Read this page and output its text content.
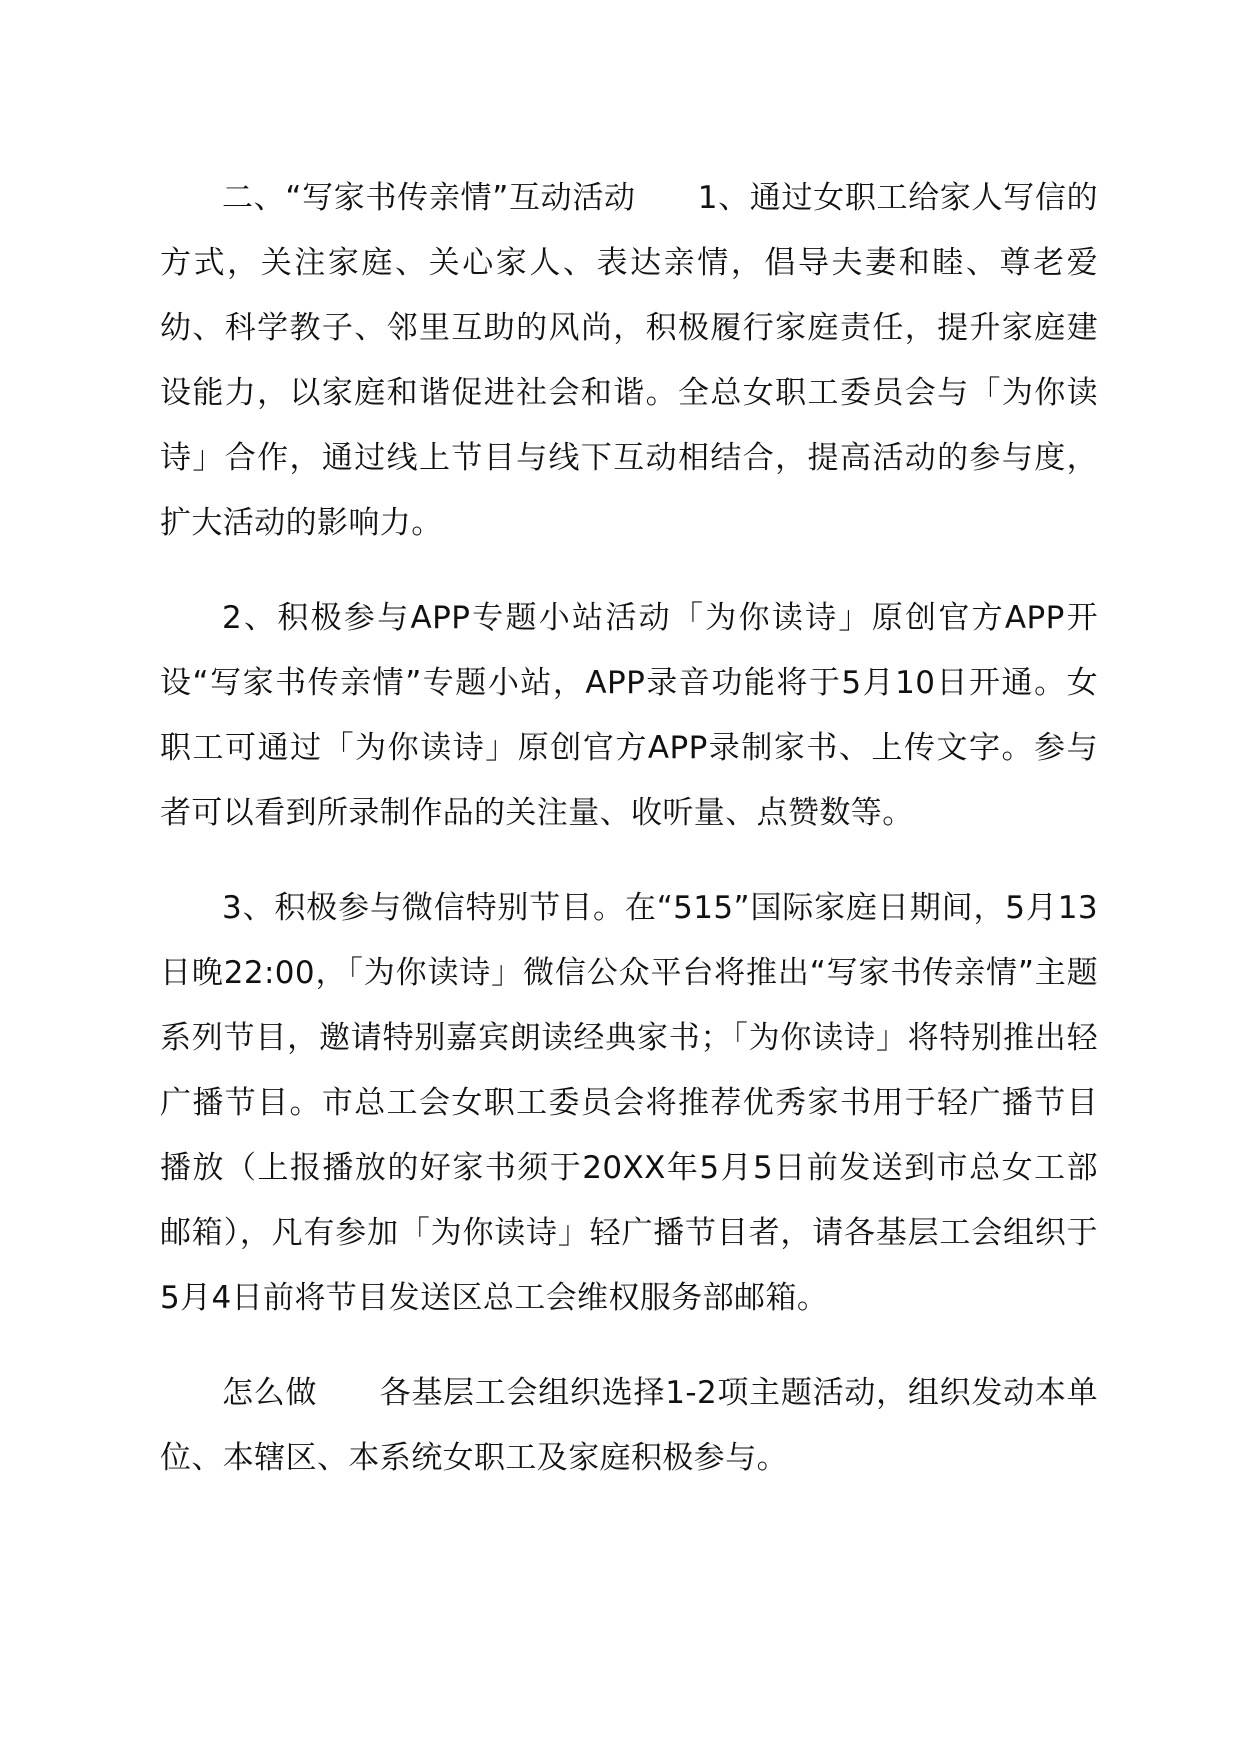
二、“写家书传亲情”互动活动 1、通过女职工给家人写信的方式，关注家庭、关心家人、表达亲情，倡导夫妻和睦、尊老爱幼、科学教子、邻里互助的风尚，积极履行家庭责任，提升家庭建设能力，以家庭和谐促进社会和谐。全总女职工委员会与「为你读诗」合作，通过线上节目与线下互动相结合，提高活动的参与度，扩大活动的影响力。

2、积极参与APP专题小站活动「为你读诗」原创官方APP开设“写家书传亲情”专题小站，APP录音功能将于5月10日开通。女职工可通过「为你读诗」原创官方APP录制家书、上传文字。参与者可以看到所录制作品的关注量、收听量、点赞数等。

3、积极参与微信特别节目。在“515”国际家庭日期间，5月13日晚22:00，「为你读诗」微信公众平台将推出“写家书传亲情”主题系列节目，邀请特别嘉宾朗读经典家书；「为你读诗」将特别推出轻广播节目。市总工会女职工委员会将推荐优秀家书用于轻广播节目播放（上报播放的好家书须于20XX年5月5日前发送到市总女工部邮箱），凡有参加「为你读诗」轻广播节目者，请各基层工会组织于5月4日前将节目发送区总工会维权服务部邮箱。

怎么做 各基层工会组织选择1-2项主题活动，组织发动本单位、本辖区、本系统女职工及家庭积极参与。
